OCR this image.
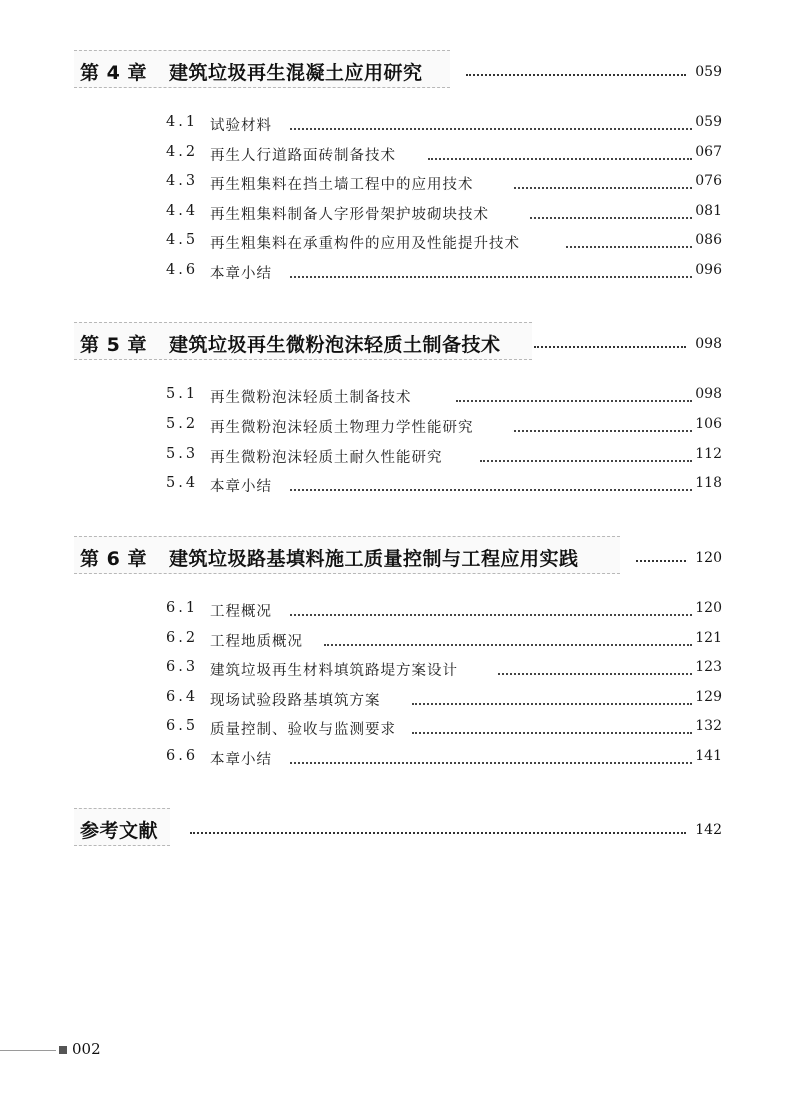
第 4 章 建筑垃圾再生混凝土应用研究	059
4.1 试验材料	059
4.2 再生人行道路面砖制备技术	067
4.3 再生粗集料在挡土墙工程中的应用技术	076
4.4 再生粗集料制备人字形骨架护坡砌块技术	081
4.5 再生粗集料在承重构件的应用及性能提升技术	086
4.6 本章小结	096
第 5 章 建筑垃圾再生微粉泡沫轻质土制备技术	098
5.1 再生微粉泡沫轻质土制备技术	098
5.2 再生微粉泡沫轻质土物理力学性能研究	106
5.3 再生微粉泡沫轻质土耐久性能研究	112
5.4 本章小结	118
第 6 章 建筑垃圾路基填料施工质量控制与工程应用实践	120
6.1 工程概况	120
6.2 工程地质概况	121
6.3 建筑垃圾再生材料填筑路堤方案设计	123
6.4 现场试验段路基填筑方案	129
6.5 质量控制、验收与监测要求	132
6.6 本章小结	141
参考文献	142
002
